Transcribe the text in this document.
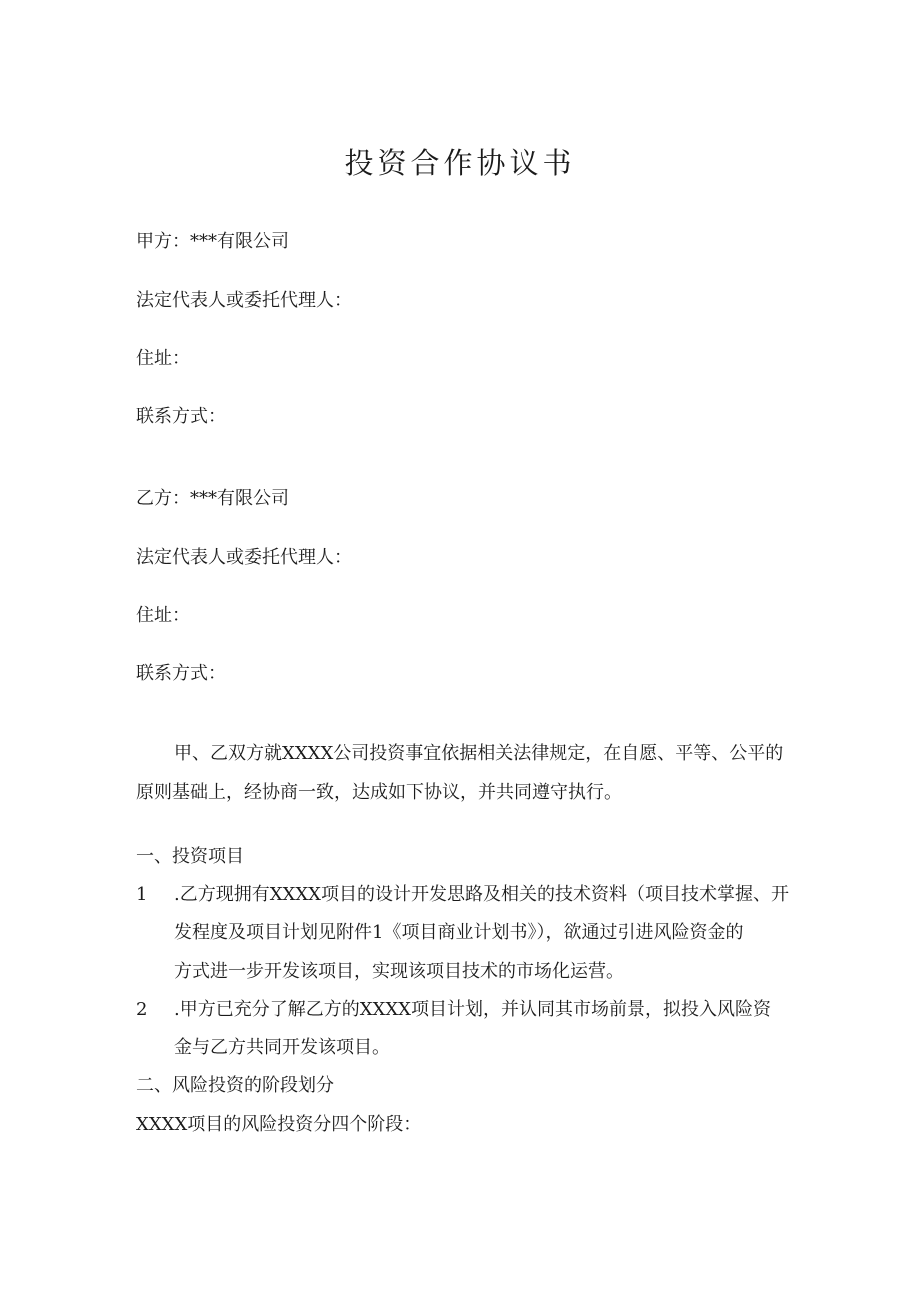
投资合作协议书
甲方：***有限公司
法定代表人或委托代理人：
住址：
联系方式：
乙方：***有限公司
法定代表人或委托代理人：
住址：
联系方式：
甲、乙双方就XXXX公司投资事宜依据相关法律规定，在自愿、平等、公平的
原则基础上，经协商一致，达成如下协议，并共同遵守执行。
一、投资项目
1 .乙方现拥有XXXX项目的设计开发思路及相关的技术资料（项目技术掌握、开
发程度及项目计划见附件1《项目商业计划书》），欲通过引进风险资金的
方式进一步开发该项目，实现该项目技术的市场化运营。
2 .甲方已充分了解乙方的XXXX项目计划，并认同其市场前景，拟投入风险资
金与乙方共同开发该项目。
二、风险投资的阶段划分
XXXX项目的风险投资分四个阶段：
